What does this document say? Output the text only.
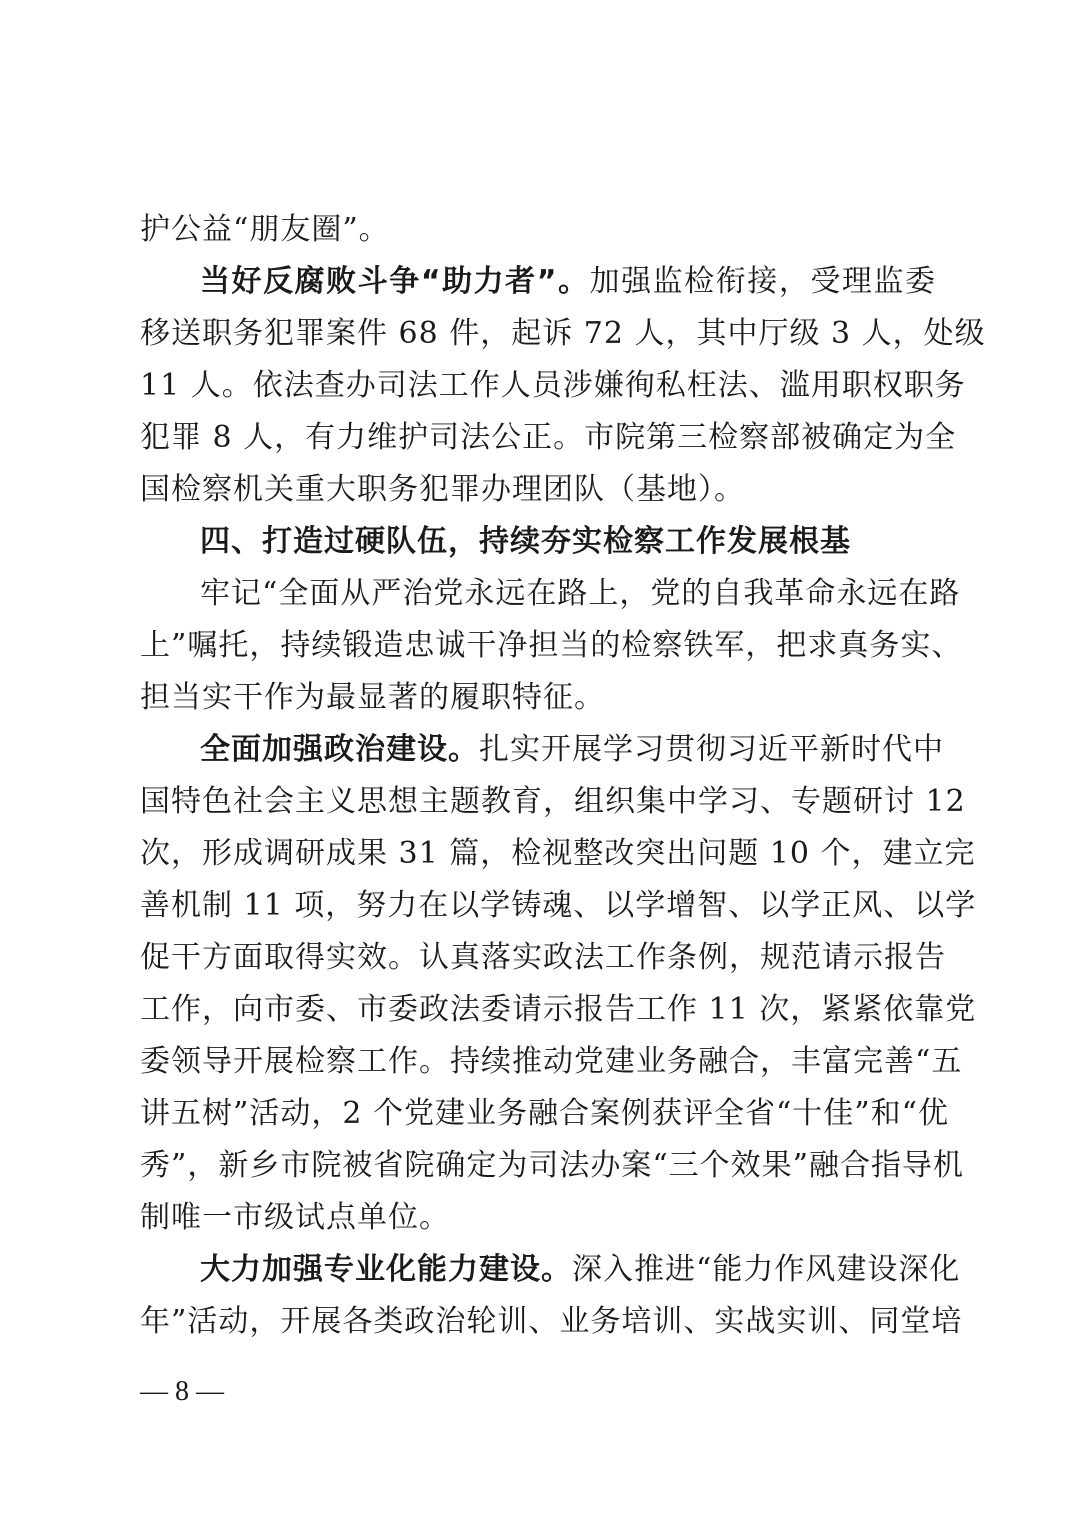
护公益“朋友圈”。
当好反腐败斗争“助力者”。加强监检衔接，受理监委
移送职务犯罪案件 68 件，起诉 72 人，其中厅级 3 人，处级
11 人。依法查办司法工作人员涉嫌徇私枉法、滥用职权职务
犯罪 8 人，有力维护司法公正。市院第三检察部被确定为全
国检察机关重大职务犯罪办理团队（基地）。
四、打造过硬队伍，持续夯实检察工作发展根基
牢记“全面从严治党永远在路上，党的自我革命永远在路
上”嘱托，持续锻造忠诚干净担当的检察铁军，把求真务实、
担当实干作为最显著的履职特征。
全面加强政治建设。扎实开展学习贯彻习近平新时代中
国特色社会主义思想主题教育，组织集中学习、专题研讨 12
次，形成调研成果 31 篇，检视整改突出问题 10 个，建立完
善机制 11 项，努力在以学铸魂、以学增智、以学正风、以学
促干方面取得实效。认真落实政法工作条例，规范请示报告
工作，向市委、市委政法委请示报告工作 11 次，紧紧依靠党
委领导开展检察工作。持续推动党建业务融合，丰富完善“五
讲五树”活动，2 个党建业务融合案例获评全省“十佳”和“优
秀”，新乡市院被省院确定为司法办案“三个效果”融合指导机
制唯一市级试点单位。
大力加强专业化能力建设。深入推进“能力作风建设深化
年”活动，开展各类政治轮训、业务培训、实战实训、同堂培
— 8 —
